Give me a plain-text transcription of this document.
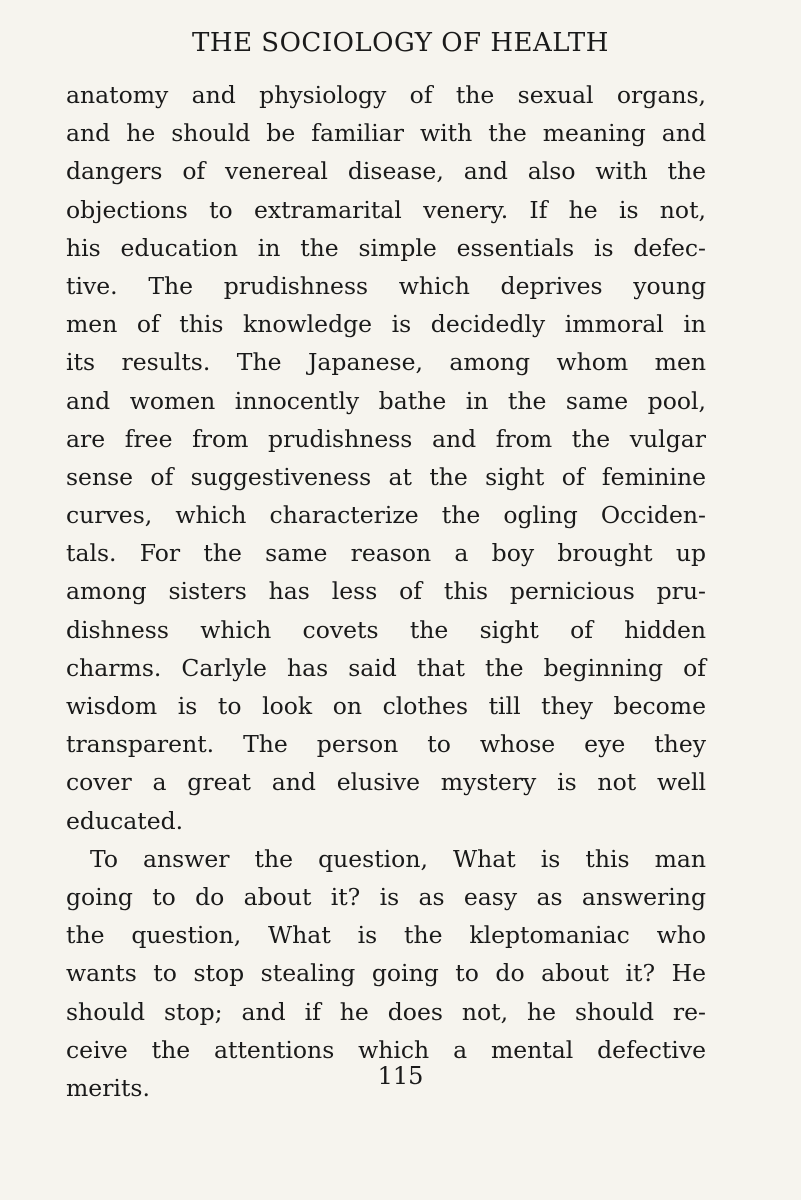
THE SOCIOLOGY OF HEALTH
anatomy and physiology of the sexual organs,
and he should be familiar with the meaning and
dangers of venereal disease, and also with the
objections to extramarital venery. If he is not,
his education in the simple essentials is defec-
tive. The prudishness which deprives young
men of this knowledge is decidedly immoral in
its results. The Japanese, among whom men
and women innocently bathe in the same pool,
are free from prudishness and from the vulgar
sense of suggestiveness at the sight of feminine
curves, which characterize the ogling Occiden-
tals. For the same reason a boy brought up
among sisters has less of this pernicious pru-
dishness which covets the sight of hidden
charms. Carlyle has said that the beginning of
wisdom is to look on clothes till they become
transparent. The person to whose eye they
cover a great and elusive mystery is not well
educated.
To answer the question, What is this man
going to do about it? is as easy as answering
the question, What is the kleptomaniac who
wants to stop stealing going to do about it? He
should stop; and if he does not, he should re-
ceive the attentions which a mental defective
merits.	115
